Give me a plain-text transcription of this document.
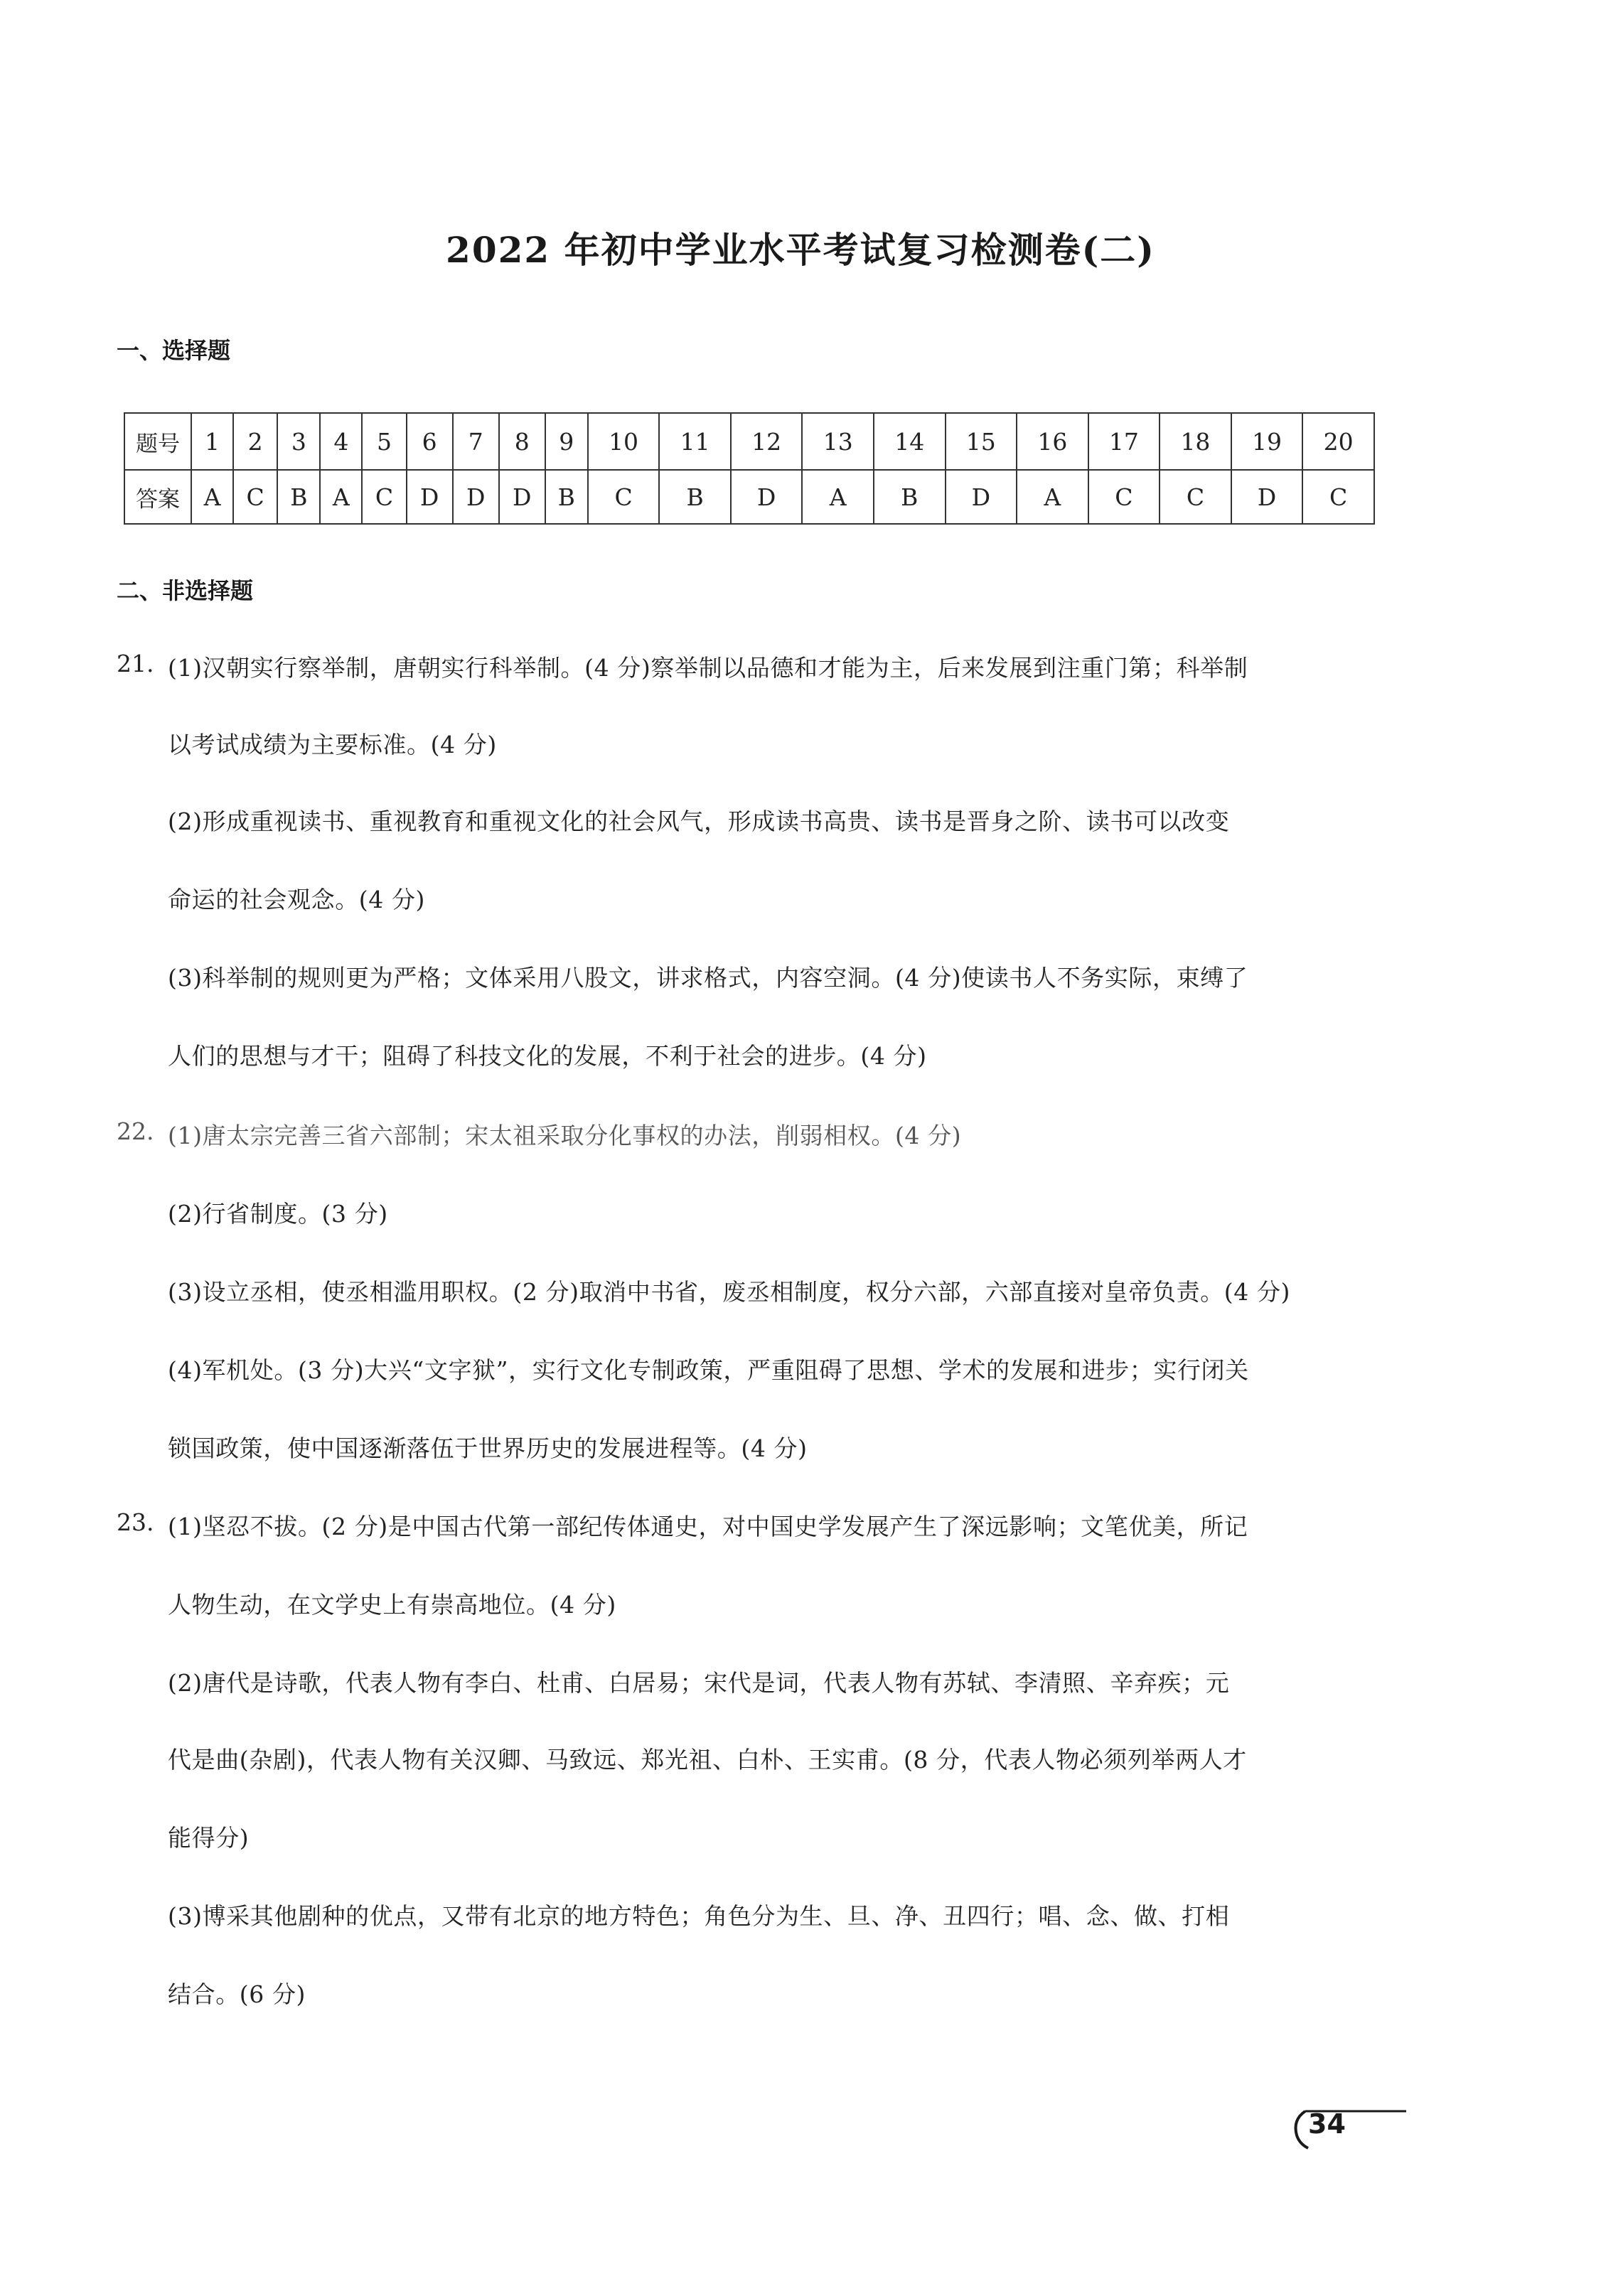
2022 年初中学业水平考试复习检测卷(二)
一、选择题
题号	1	2	3	4	5	6	7	8	9	10	11	12	13	14	15	16	17	18	19	20
答案	A	C	B	A	C	D	D	D	B	C	B	D	A	B	D	A	C	C	D	C
二、非选择题
21. (1)汉朝实行察举制，唐朝实行科举制。(4 分)察举制以品德和才能为主，后来发展到注重门第；科举制
以考试成绩为主要标准。(4 分)
(2)形成重视读书、重视教育和重视文化的社会风气，形成读书高贵、读书是晋身之阶、读书可以改变
命运的社会观念。(4 分)
(3)科举制的规则更为严格；文体采用八股文，讲求格式，内容空洞。(4 分)使读书人不务实际，束缚了
人们的思想与才干；阻碍了科技文化的发展，不利于社会的进步。(4 分)
22. (1)唐太宗完善三省六部制；宋太祖采取分化事权的办法，削弱相权。(4 分)
(2)行省制度。(3 分)
(3)设立丞相，使丞相滥用职权。(2 分)取消中书省，废丞相制度，权分六部，六部直接对皇帝负责。(4 分)
(4)军机处。(3 分)大兴“文字狱”，实行文化专制政策，严重阻碍了思想、学术的发展和进步；实行闭关
锁国政策，使中国逐渐落伍于世界历史的发展进程等。(4 分)
23. (1)坚忍不拔。(2 分)是中国古代第一部纪传体通史，对中国史学发展产生了深远影响；文笔优美，所记
人物生动，在文学史上有崇高地位。(4 分)
(2)唐代是诗歌，代表人物有李白、杜甫、白居易；宋代是词，代表人物有苏轼、李清照、辛弃疾；元
代是曲(杂剧)，代表人物有关汉卿、马致远、郑光祖、白朴、王实甫。(8 分，代表人物必须列举两人才
能得分)
(3)博采其他剧种的优点，又带有北京的地方特色；角色分为生、旦、净、丑四行；唱、念、做、打相
结合。(6 分)
34
